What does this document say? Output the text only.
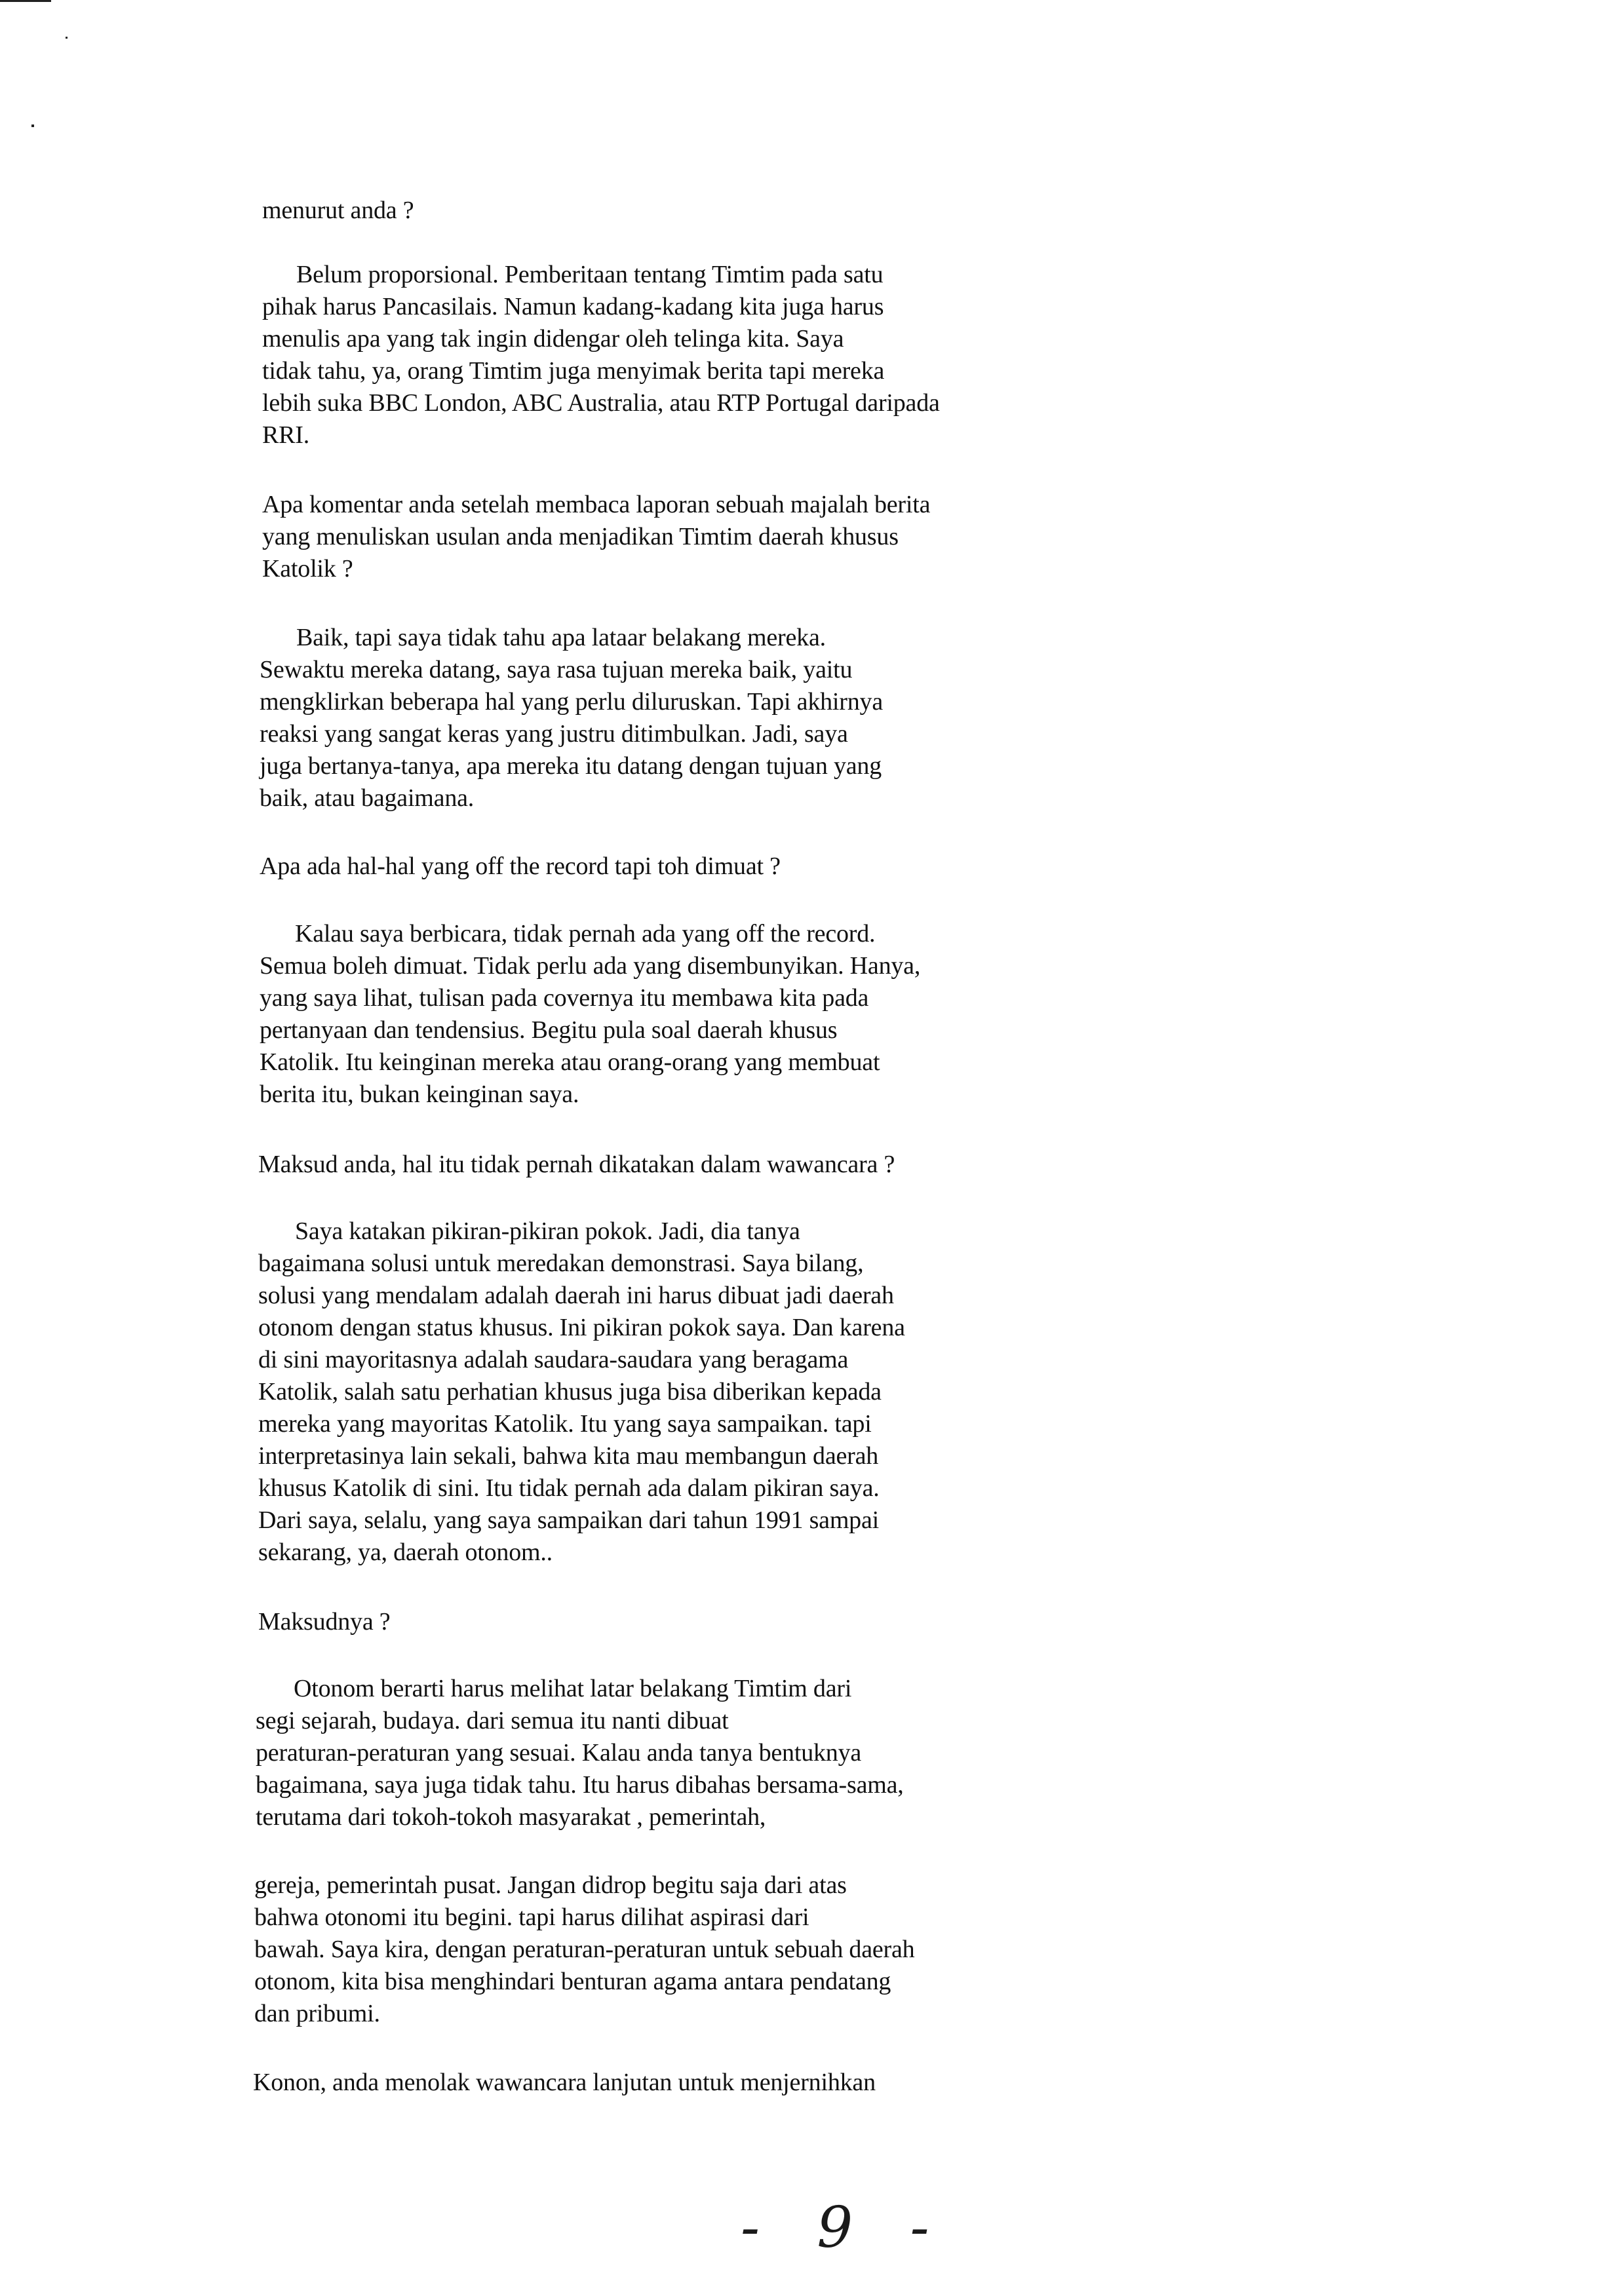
menurut anda ?
Belum proporsional. Pemberitaan tentang Timtim pada satu
pihak harus Pancasilais. Namun kadang-kadang kita juga harus
menulis apa yang tak ingin didengar oleh telinga kita. Saya
tidak tahu, ya, orang Timtim juga menyimak berita tapi mereka
lebih suka BBC London, ABC Australia, atau RTP Portugal daripada
RRI.
Apa komentar anda setelah membaca laporan sebuah majalah berita
yang menuliskan usulan anda menjadikan Timtim daerah khusus
Katolik ?
Baik, tapi saya tidak tahu apa lataar belakang mereka.
Sewaktu mereka datang, saya rasa tujuan mereka baik, yaitu
mengklirkan beberapa hal yang perlu diluruskan. Tapi akhirnya
reaksi yang sangat keras yang justru ditimbulkan. Jadi, saya
juga bertanya-tanya, apa mereka itu datang dengan tujuan yang
baik, atau bagaimana.
Apa ada hal-hal yang off the record tapi toh dimuat ?
Kalau saya berbicara, tidak pernah ada yang off the record.
Semua boleh dimuat. Tidak perlu ada yang disembunyikan. Hanya,
yang saya lihat, tulisan pada covernya itu membawa kita pada
pertanyaan dan tendensius. Begitu pula soal daerah khusus
Katolik. Itu keinginan mereka atau orang-orang yang membuat
berita itu, bukan keinginan saya.
Maksud anda, hal itu tidak pernah dikatakan dalam wawancara ?
Saya katakan pikiran-pikiran pokok. Jadi, dia tanya
bagaimana solusi untuk meredakan demonstrasi. Saya bilang,
solusi yang mendalam adalah daerah ini harus dibuat jadi daerah
otonom dengan status khusus. Ini pikiran pokok saya. Dan karena
di sini mayoritasnya adalah saudara-saudara yang beragama
Katolik, salah satu perhatian khusus juga bisa diberikan kepada
mereka yang mayoritas Katolik. Itu yang saya sampaikan. tapi
interpretasinya lain sekali, bahwa kita mau membangun daerah
khusus Katolik di sini. Itu tidak pernah ada dalam pikiran saya.
Dari saya, selalu, yang saya sampaikan dari tahun 1991 sampai
sekarang, ya, daerah otonom..
Maksudnya ?
Otonom berarti harus melihat latar belakang Timtim dari
segi sejarah, budaya. dari semua itu nanti dibuat
peraturan-peraturan yang sesuai. Kalau anda tanya bentuknya
bagaimana, saya juga tidak tahu. Itu harus dibahas bersama-sama,
terutama dari tokoh-tokoh masyarakat , pemerintah,
gereja, pemerintah pusat. Jangan didrop begitu saja dari atas
bahwa otonomi itu begini. tapi harus dilihat aspirasi dari
bawah. Saya kira, dengan peraturan-peraturan untuk sebuah daerah
otonom, kita bisa menghindari benturan agama antara pendatang
dan pribumi.
Konon, anda menolak wawancara lanjutan untuk menjernihkan
- 9 -
